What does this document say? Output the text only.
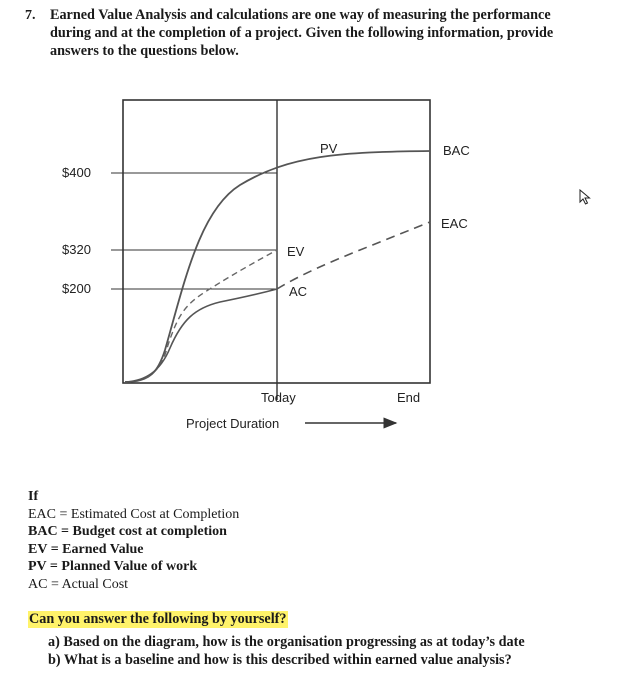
7. Earned Value Analysis and calculations are one way of measuring the performance
during and at the completion of a project. Given the following information, provide
answers to the questions below.
$400
$320
$200
PV
EV
AC
BAC
EAC
Today	End
Project Duration
If
EAC = Estimated Cost at Completion
BAC = Budget cost at completion
EV = Earned Value
PV = Planned Value of work
AC = Actual Cost
Can you answer the following by yourself?
a) Based on the diagram, how is the organisation progressing as at today’s date
b) What is a baseline and how is this described within earned value analysis?
